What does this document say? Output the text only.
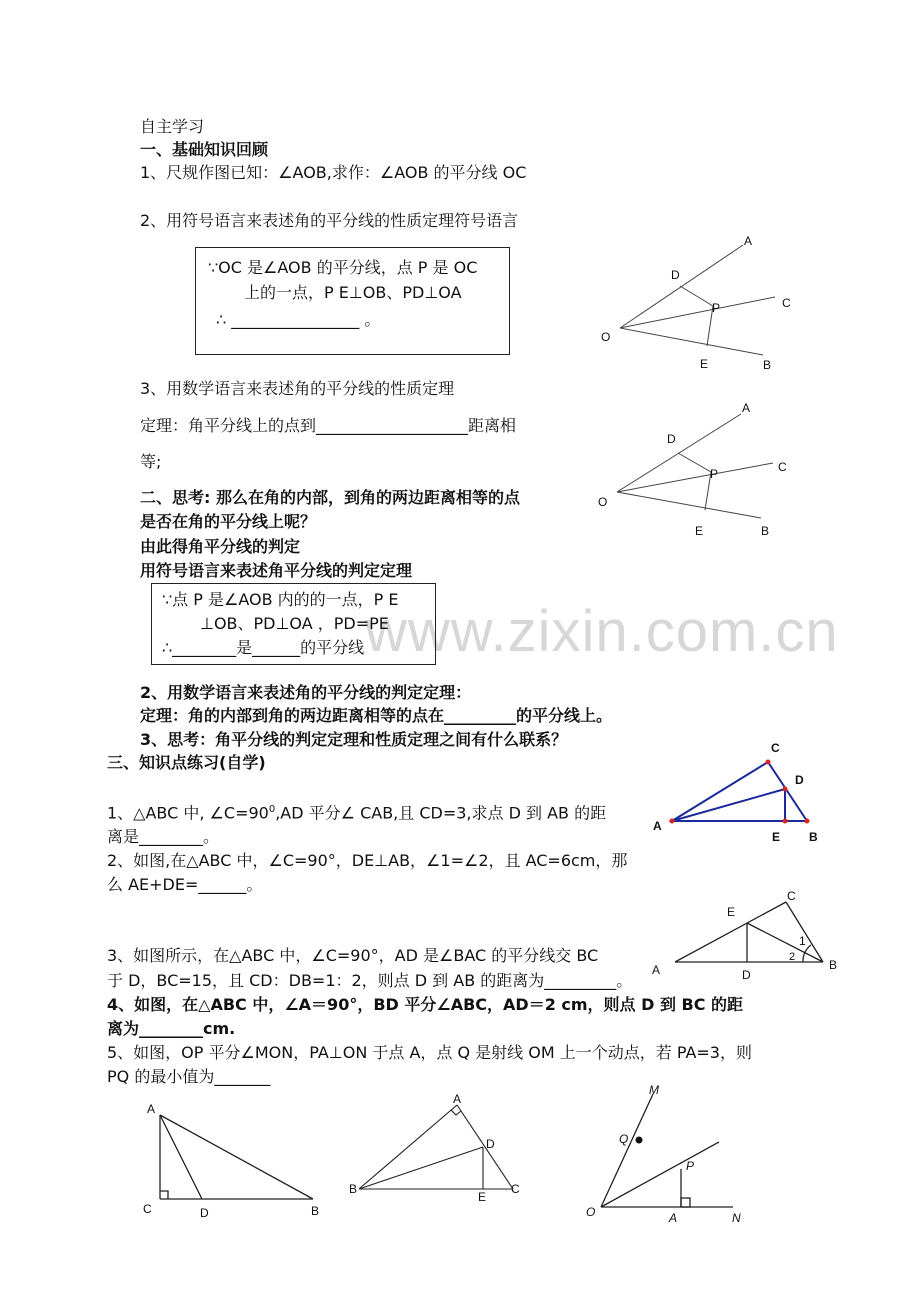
www.zixin.com.cn
自主学习
一、基础知识回顾
1、尺规作图已知：∠AOB,求作：∠AOB 的平分线 OC
2、用符号语言来表述角的平分线的性质定理符号语言
∵OC 是∠AOB 的平分线，点 P 是 OC
上的一点，P E⊥OB、PD⊥OA
∴ ________________ 。
3、用数学语言来表述角的平分线的性质定理
定理：角平分线上的点到___________________距离相
等;
二、思考: 那么在角的内部，到角的两边距离相等的点
是否在角的平分线上呢？
由此得角平分线的判定
用符号语言来表述角平分线的判定定理
∵点 P 是∠AOB 内的的一点，P E
⊥OB、PD⊥OA ，PD=PE
∴________是______的平分线
2、用数学语言来表述角的平分线的判定定理：
定理：角的内部到角的两边距离相等的点在_________的平分线上。
3、思考：角平分线的判定定理和性质定理之间有什么联系？
三、知识点练习(自学)
1、△ABC 中, $\angle C=90^0,AD$ 平分∠ CAB,且 CD=3,求点 D 到 AB 的距
离是________。
2、如图,在△ABC 中，∠C=90°，DE⊥AB，∠1=∠2，且 AC=6cm，那
么 AE+DE=______。
3、如图所示，在△ABC 中，∠C=90°，AD 是∠BAC 的平分线交 BC
于 D，BC=15，且 CD：DB=1：2，则点 D 到 AB 的距离为_________。
4、如图，在△ABC 中，∠A＝90°，BD 平分∠ABC，AD＝2 cm，则点 D 到 BC 的距
离为________cm.
5、如图，OP 平分∠MON，PA⊥ON 于点 A，点 Q 是射线 OM 上一个动点，若 PA=3，则
PQ 的最小值为_______
O
A
C
B
D
P
E
O
A
C
B
D
P
E
A
C
D
E B
A
E
C
D
B
1
2
A
C	D	B
A
B
D
E
C
M
Q
P
O	A	N
